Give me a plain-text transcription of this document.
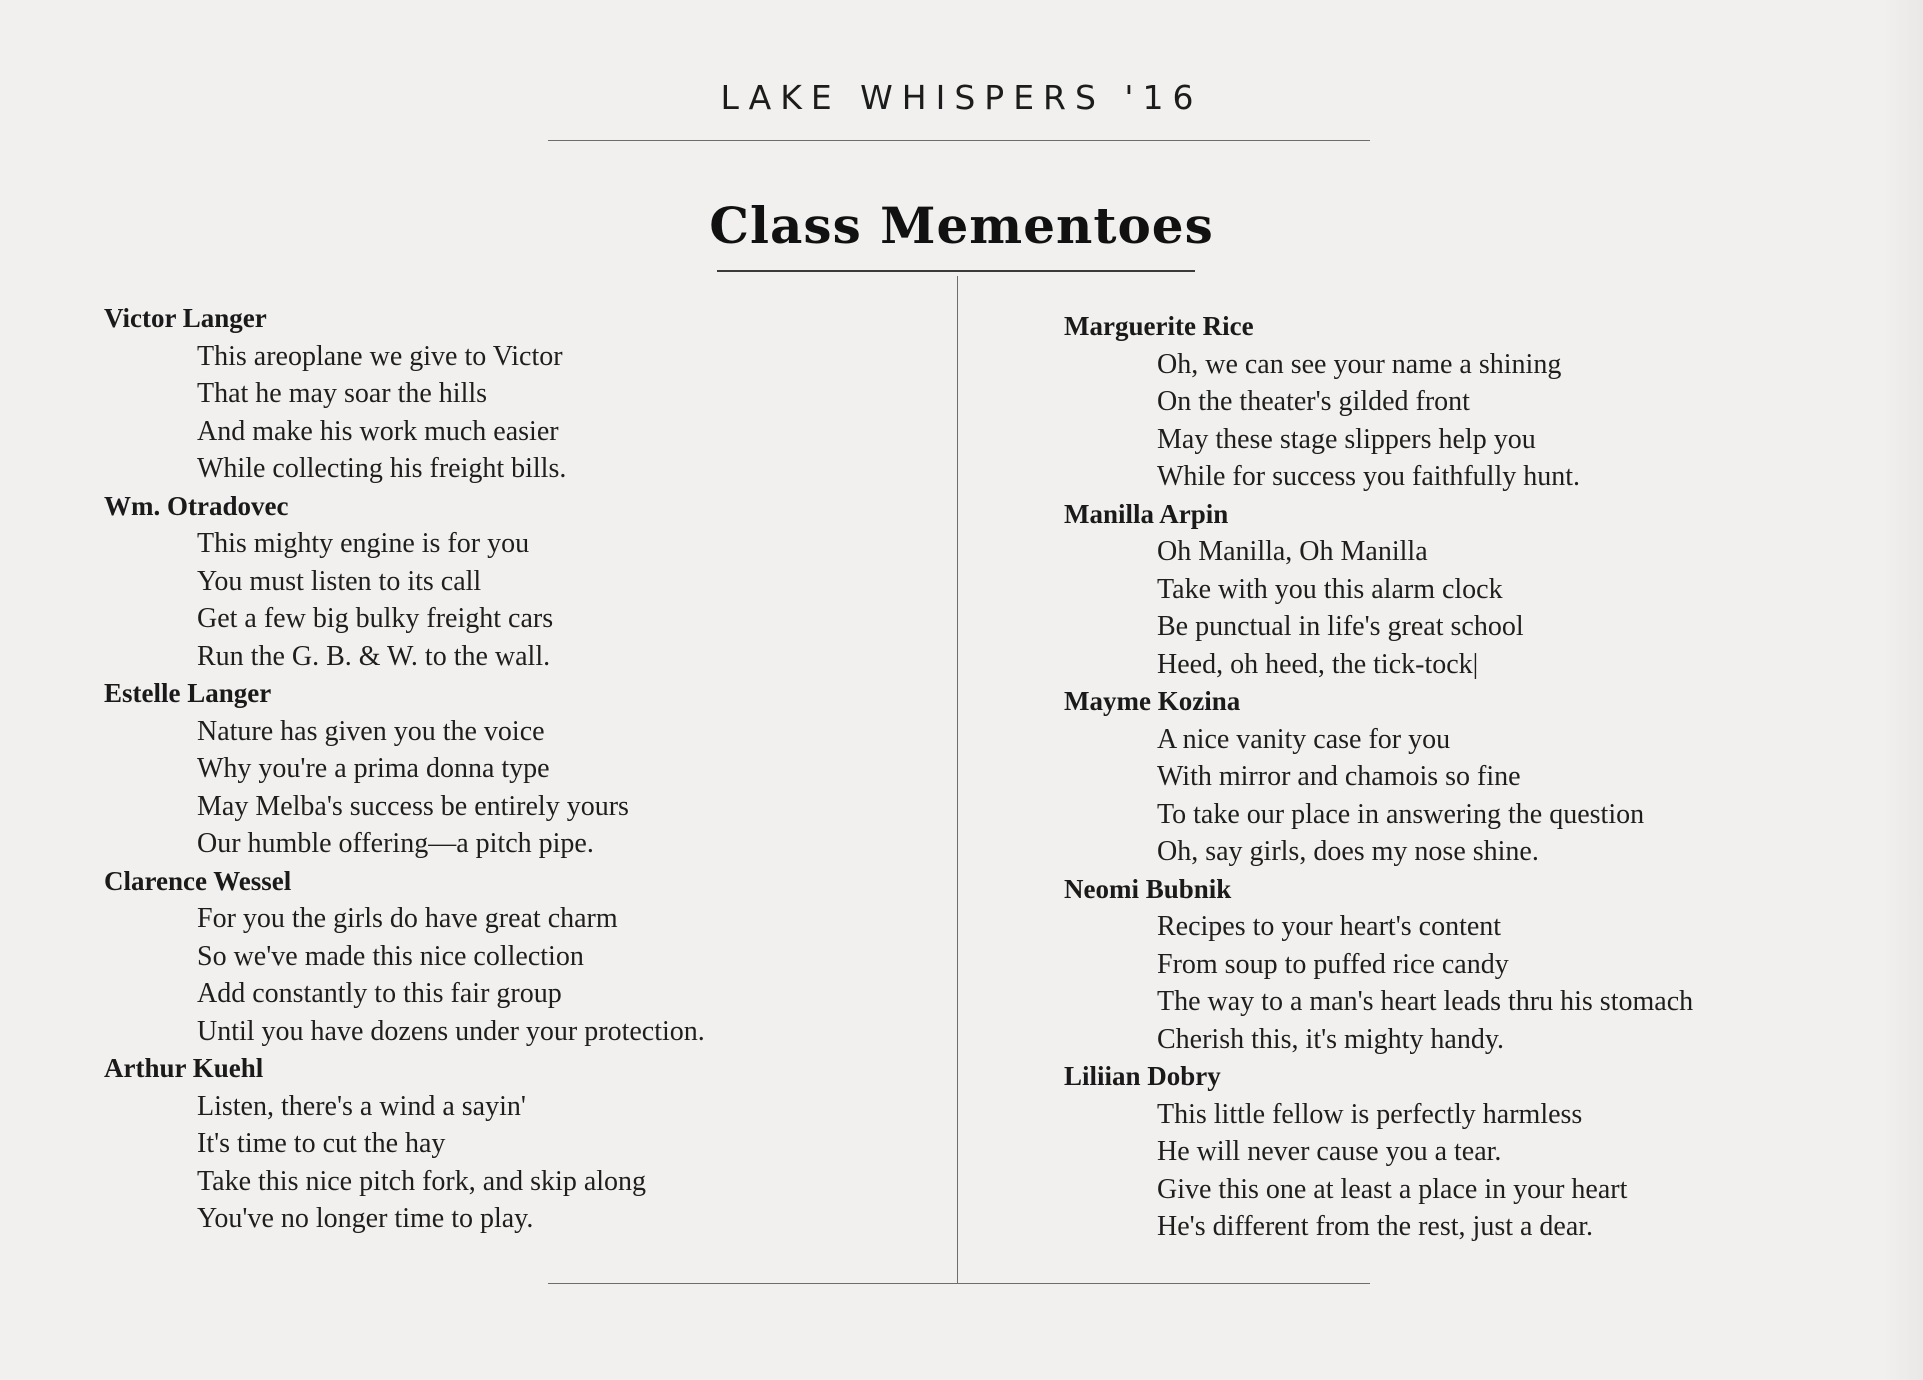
LAKE WHISPERS '16
Class Mementoes
Victor Langer
This areoplane we give to Victor
That he may soar the hills
And make his work much easier
While collecting his freight bills.
Wm. Otradovec
This mighty engine is for you
You must listen to its call
Get a few big bulky freight cars
Run the G. B. & W. to the wall.
Estelle Langer
Nature has given you the voice
Why you're a prima donna type
May Melba's success be entirely yours
Our humble offering—a pitch pipe.
Clarence Wessel
For you the girls do have great charm
So we've made this nice collection
Add constantly to this fair group
Until you have dozens under your protection.
Arthur Kuehl
Listen, there's a wind a sayin'
It's time to cut the hay
Take this nice pitch fork, and skip along
You've no longer time to play.
Marguerite Rice
Oh, we can see your name a shining
On the theater's gilded front
May these stage slippers help you
While for success you faithfully hunt.
Manilla Arpin
Oh Manilla, Oh Manilla
Take with you this alarm clock
Be punctual in life's great school
Heed, oh heed, the tick-tock|
Mayme Kozina
A nice vanity case for you
With mirror and chamois so fine
To take our place in answering the question
Oh, say girls, does my nose shine.
Neomi Bubnik
Recipes to your heart's content
From soup to puffed rice candy
The way to a man's heart leads thru his stomach
Cherish this, it's mighty handy.
Liliian Dobry
This little fellow is perfectly harmless
He will never cause you a tear.
Give this one at least a place in your heart
He's different from the rest, just a dear.
